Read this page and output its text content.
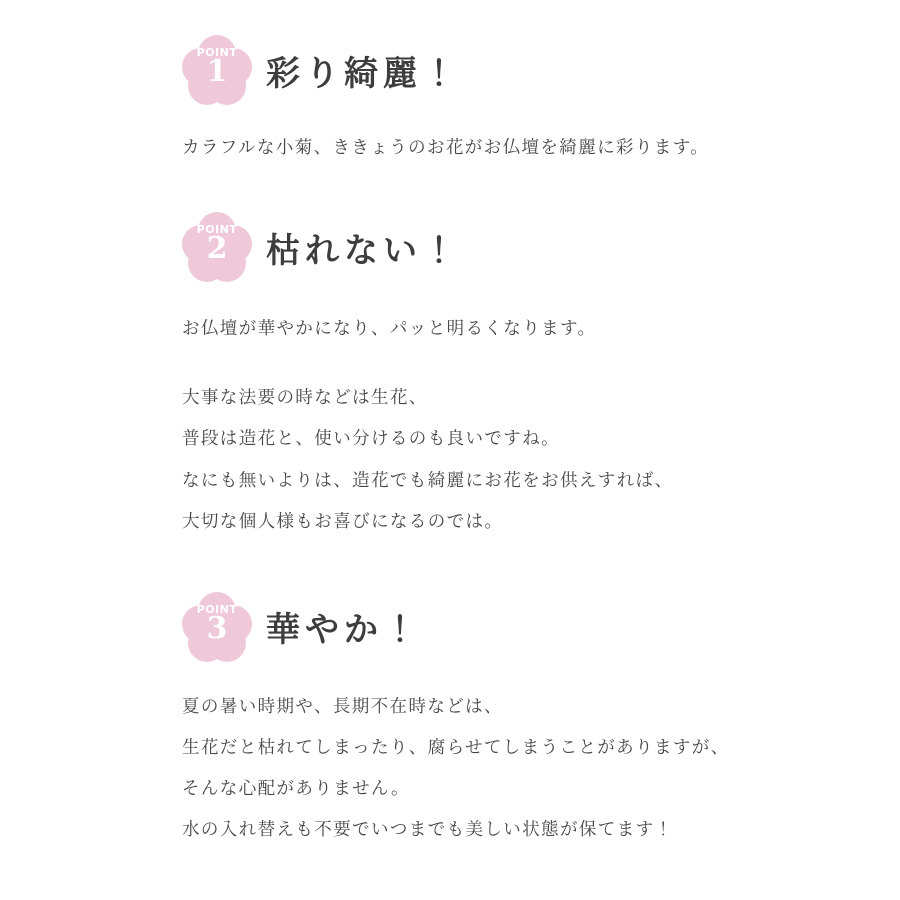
POINT
1	彩り綺麗！

カラフルな小菊、ききょうのお花がお仏壇を綺麗に彩ります。

POINT
2	枯れない！

お仏壇が華やかになり、パッと明るくなります。

大事な法要の時などは生花、
普段は造花と、使い分けるのも良いですね。
なにも無いよりは、造花でも綺麗にお花をお供えすれば、
大切な個人様もお喜びになるのでは。

POINT
3	華やか！

夏の暑い時期や、長期不在時などは、
生花だと枯れてしまったり、腐らせてしまうことがありますが、
そんな心配がありません。
水の入れ替えも不要でいつまでも美しい状態が保てます！
